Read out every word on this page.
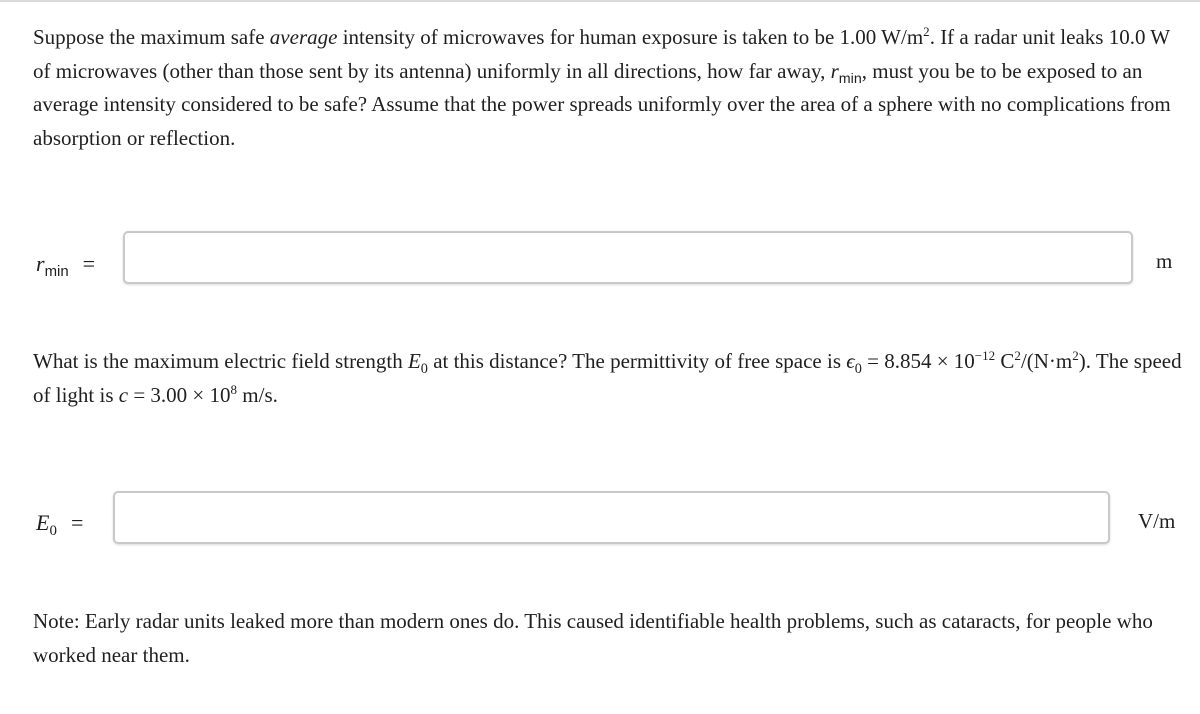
Suppose the maximum safe average intensity of microwaves for human exposure is taken to be 1.00 $W/m^2$. If a radar unit leaks 10.0 W of microwaves (other than those sent by its antenna) uniformly in all directions, how far away, $r_{min}$, must you be to be exposed to an average intensity considered to be safe? Assume that the power spreads uniformly over the area of a sphere with no complications from absorption or reflection.

$r_{min}$ =	m

What is the maximum electric field strength $E_0$ at this distance? The permittivity of free space is $\epsilon_0 = 8.854 \times 10^{-12}$ $C^2/(N\cdot m^2)$. The speed of light is $c = 3.00 \times 10^8$ m/s.

$E_0$ =	V/m

Note: Early radar units leaked more than modern ones do. This caused identifiable health problems, such as cataracts, for people who worked near them.
